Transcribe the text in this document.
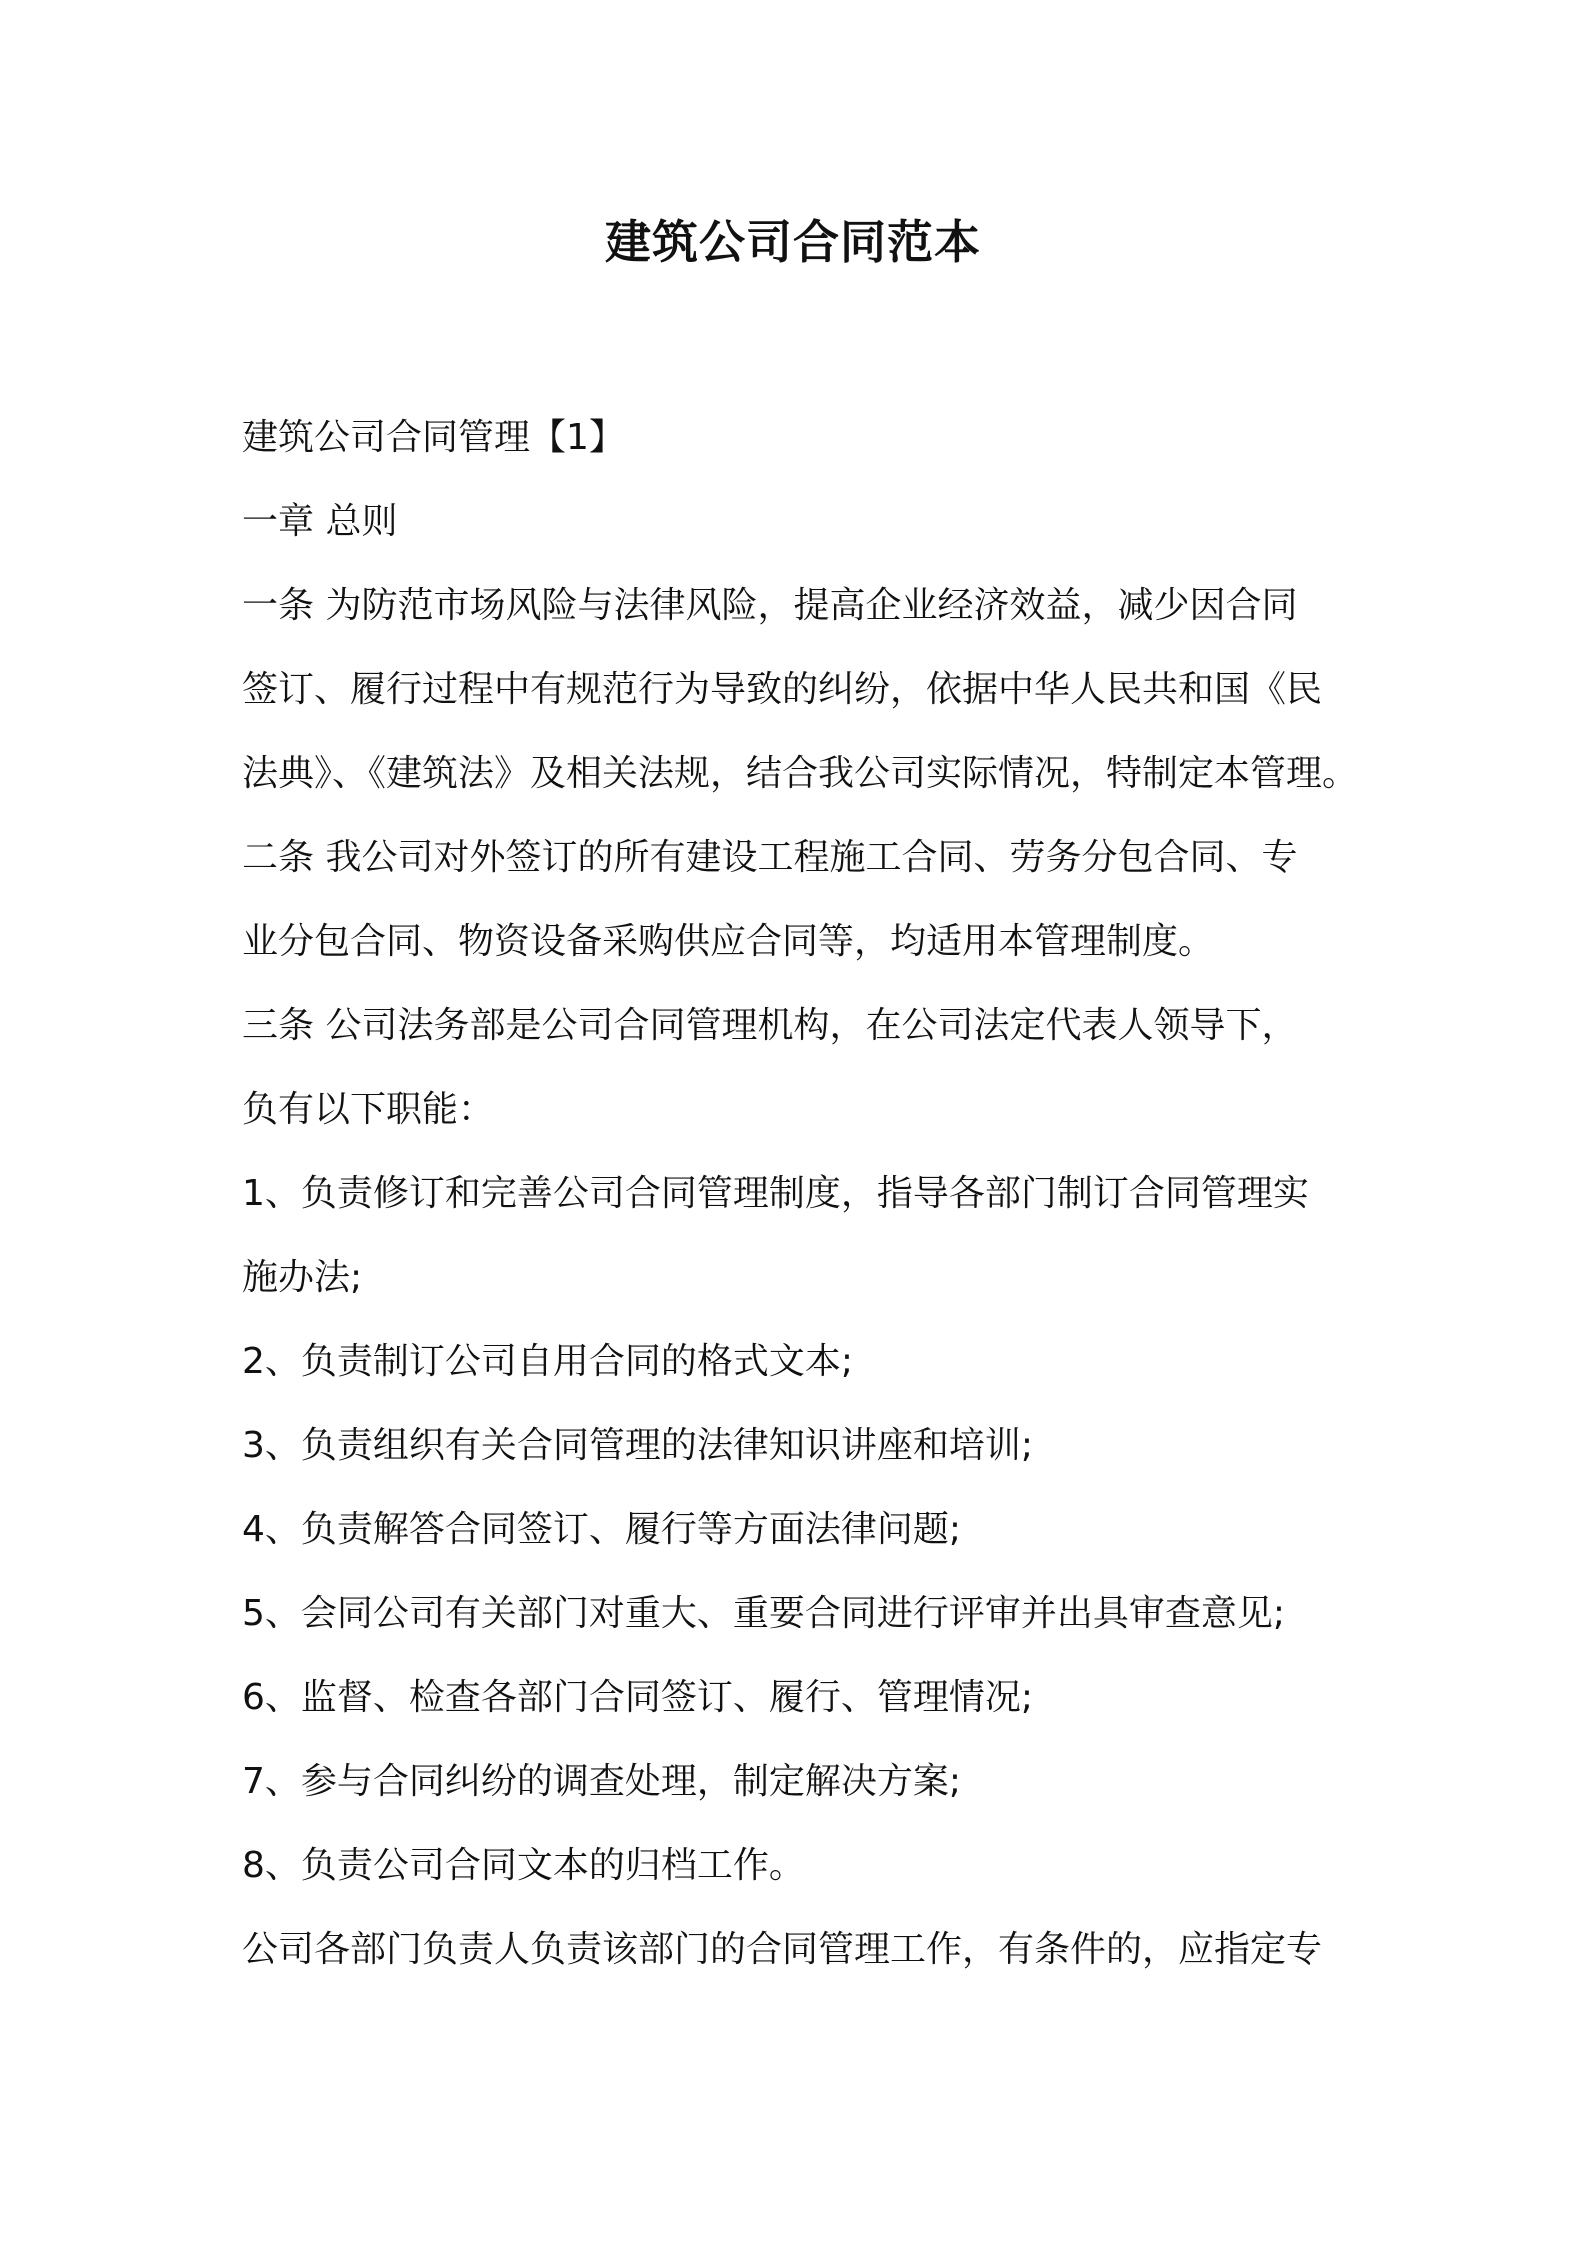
建筑公司合同范本

建筑公司合同管理【1】

一章 总则

一条 为防范市场风险与法律风险，提高企业经济效益，减少因合同

签订、履行过程中有规范行为导致的纠纷，依据中华人民共和国《民

法典》、《建筑法》及相关法规，结合我公司实际情况，特制定本管理。

二条 我公司对外签订的所有建设工程施工合同、劳务分包合同、专

业分包合同、物资设备采购供应合同等，均适用本管理制度。

三条 公司法务部是公司合同管理机构，在公司法定代表人领导下，

负有以下职能：

1、负责修订和完善公司合同管理制度，指导各部门制订合同管理实

施办法;

2、负责制订公司自用合同的格式文本;

3、负责组织有关合同管理的法律知识讲座和培训;

4、负责解答合同签订、履行等方面法律问题;

5、会同公司有关部门对重大、重要合同进行评审并出具审查意见;

6、监督、检查各部门合同签订、履行、管理情况;

7、参与合同纠纷的调查处理，制定解决方案;

8、负责公司合同文本的归档工作。

公司各部门负责人负责该部门的合同管理工作，有条件的，应指定专
